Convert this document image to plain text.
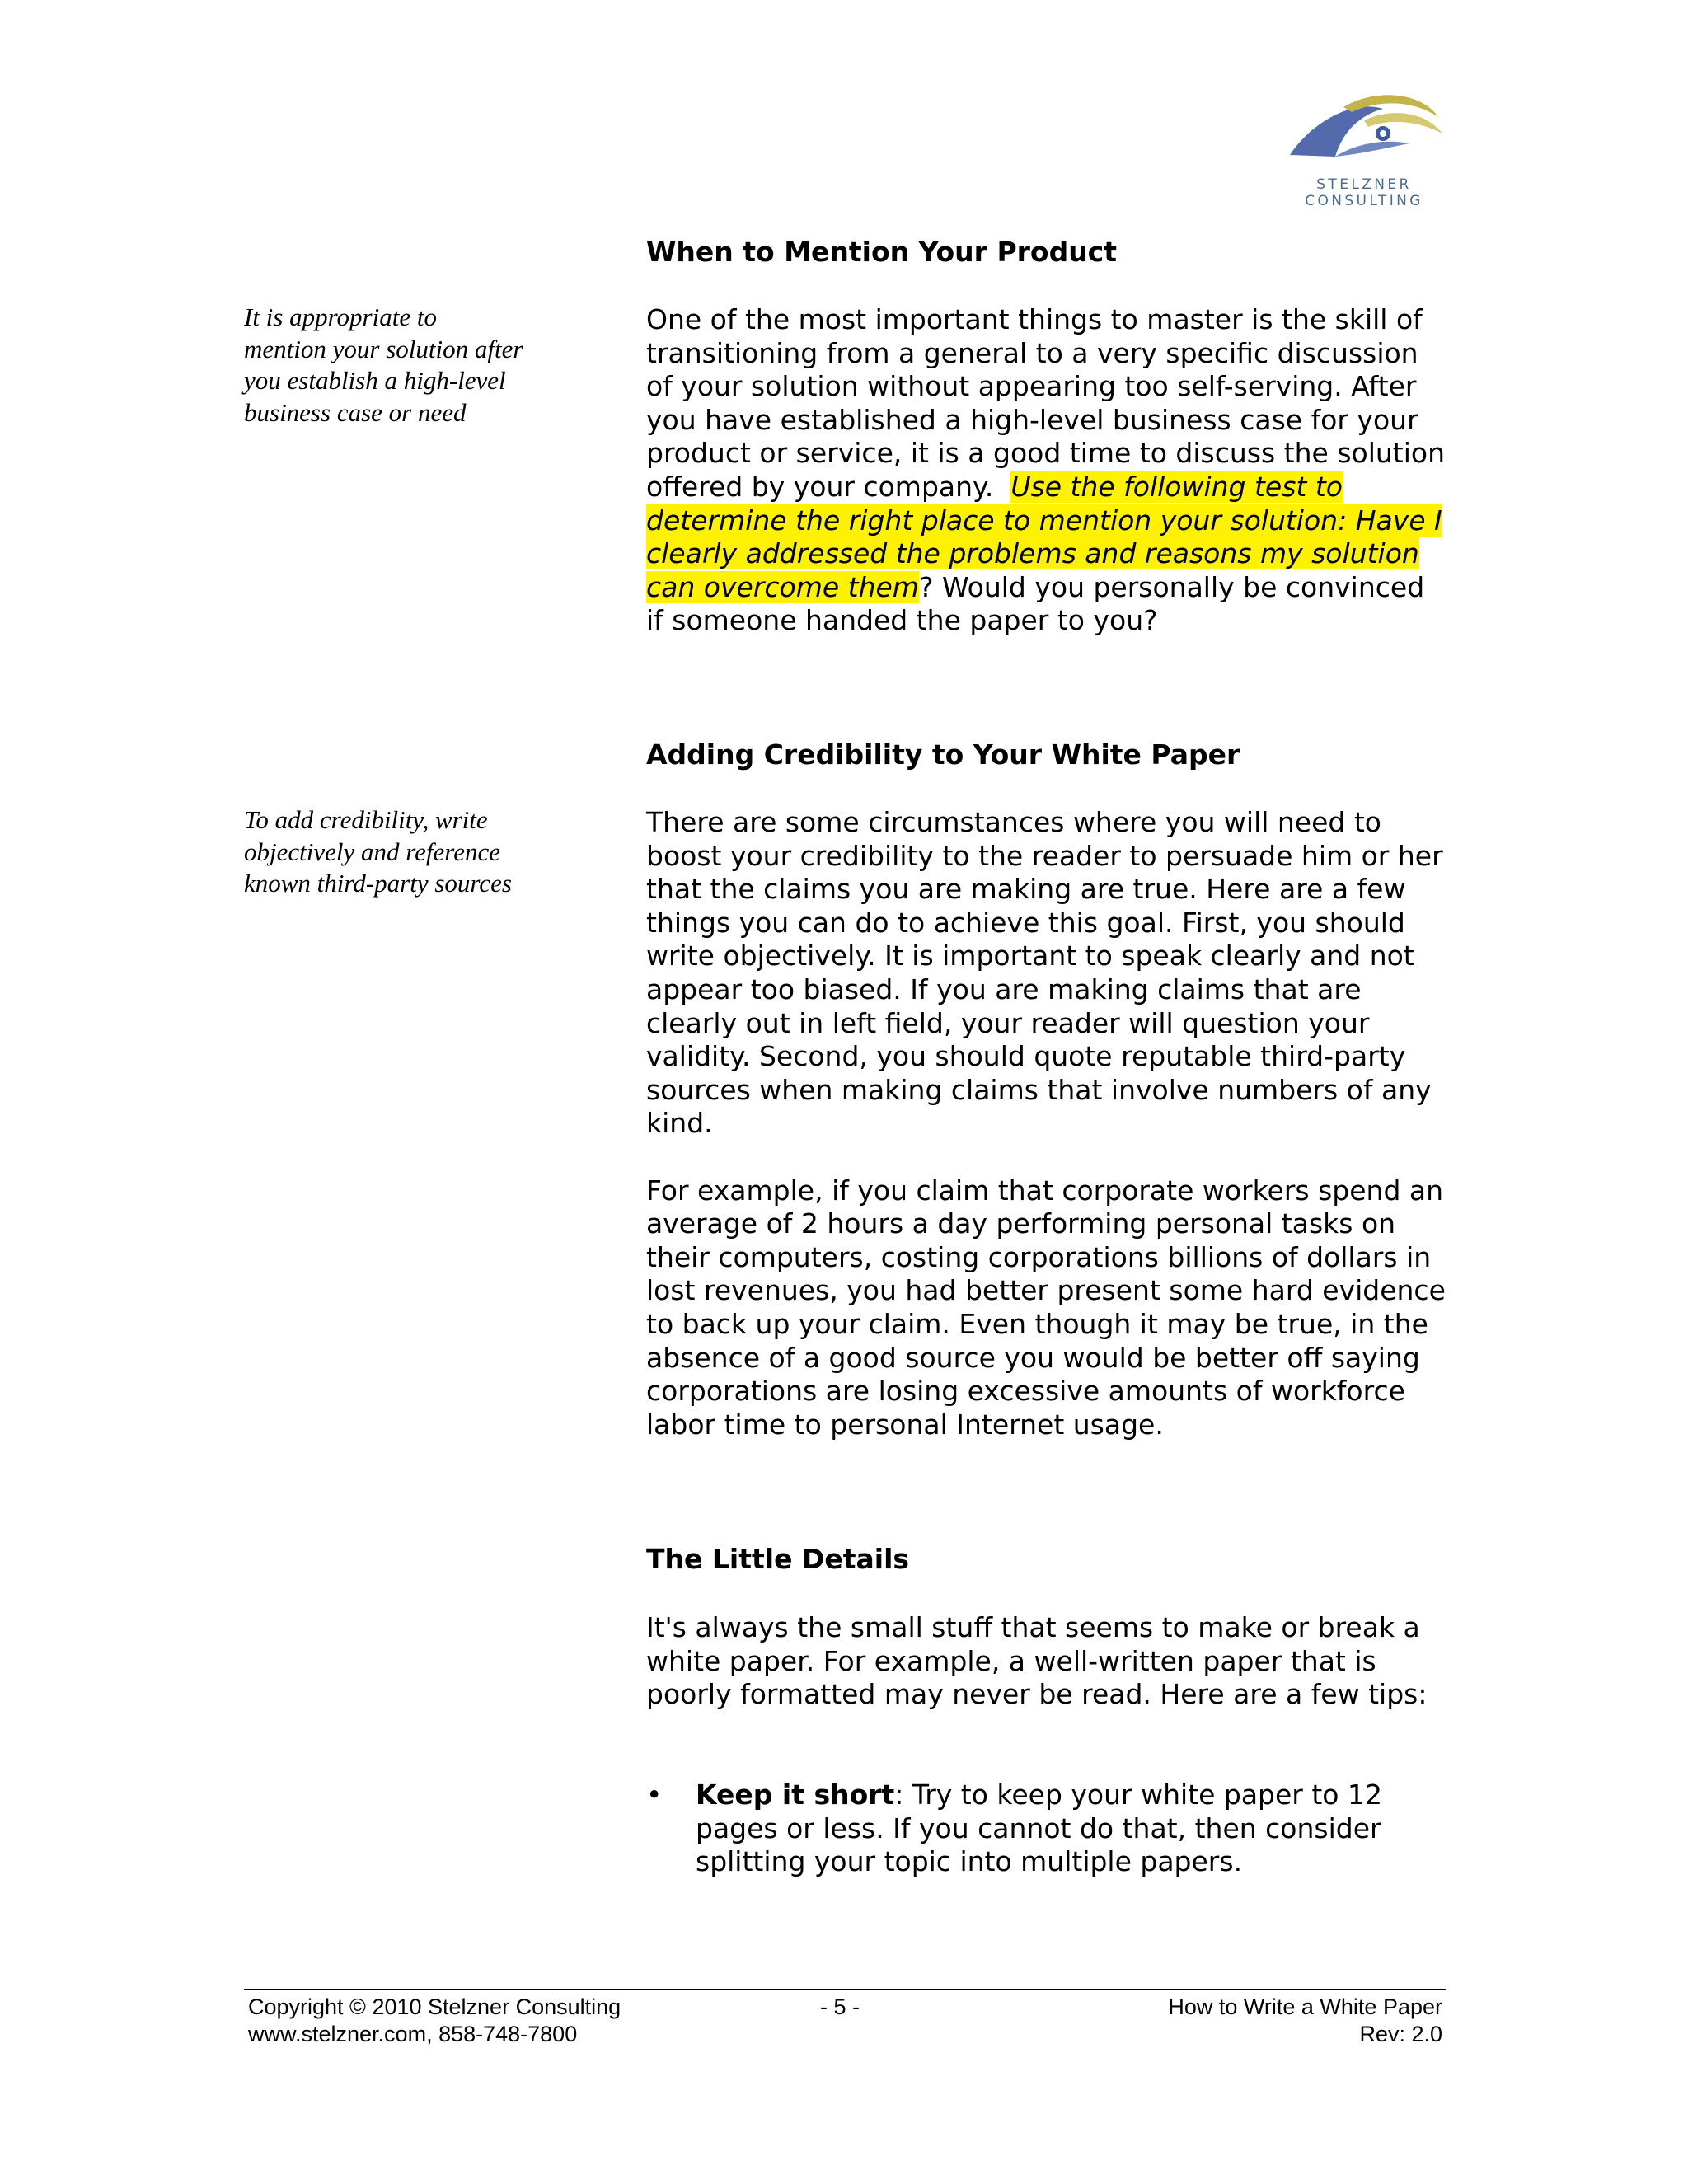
STELZNER CONSULTING
When to Mention Your Product
It is appropriate to mention your solution after you establish a high-level business case or need

One of the most important things to master is the skill of transitioning from a general to a very specific discussion of your solution without appearing too self-serving. After you have established a high-level business case for your product or service, it is a good time to discuss the solution offered by your company. Use the following test to determine the right place to mention your solution: Have I clearly addressed the problems and reasons my solution can overcome them? Would you personally be convinced if someone handed the paper to you?

Adding Credibility to Your White Paper
To add credibility, write objectively and reference known third-party sources

There are some circumstances where you will need to boost your credibility to the reader to persuade him or her that the claims you are making are true. Here are a few things you can do to achieve this goal. First, you should write objectively. It is important to speak clearly and not appear too biased. If you are making claims that are clearly out in left field, your reader will question your validity. Second, you should quote reputable third-party sources when making claims that involve numbers of any kind.

For example, if you claim that corporate workers spend an average of 2 hours a day performing personal tasks on their computers, costing corporations billions of dollars in lost revenues, you had better present some hard evidence to back up your claim. Even though it may be true, in the absence of a good source you would be better off saying corporations are losing excessive amounts of workforce labor time to personal Internet usage.

The Little Details

It's always the small stuff that seems to make or break a white paper. For example, a well-written paper that is poorly formatted may never be read. Here are a few tips:

• Keep it short: Try to keep your white paper to 12 pages or less. If you cannot do that, then consider splitting your topic into multiple papers.
Copyright © 2010 Stelzner Consulting
www.stelzner.com, 858-748-7800
- 5 -	How to Write a White Paper
Rev: 2.0
